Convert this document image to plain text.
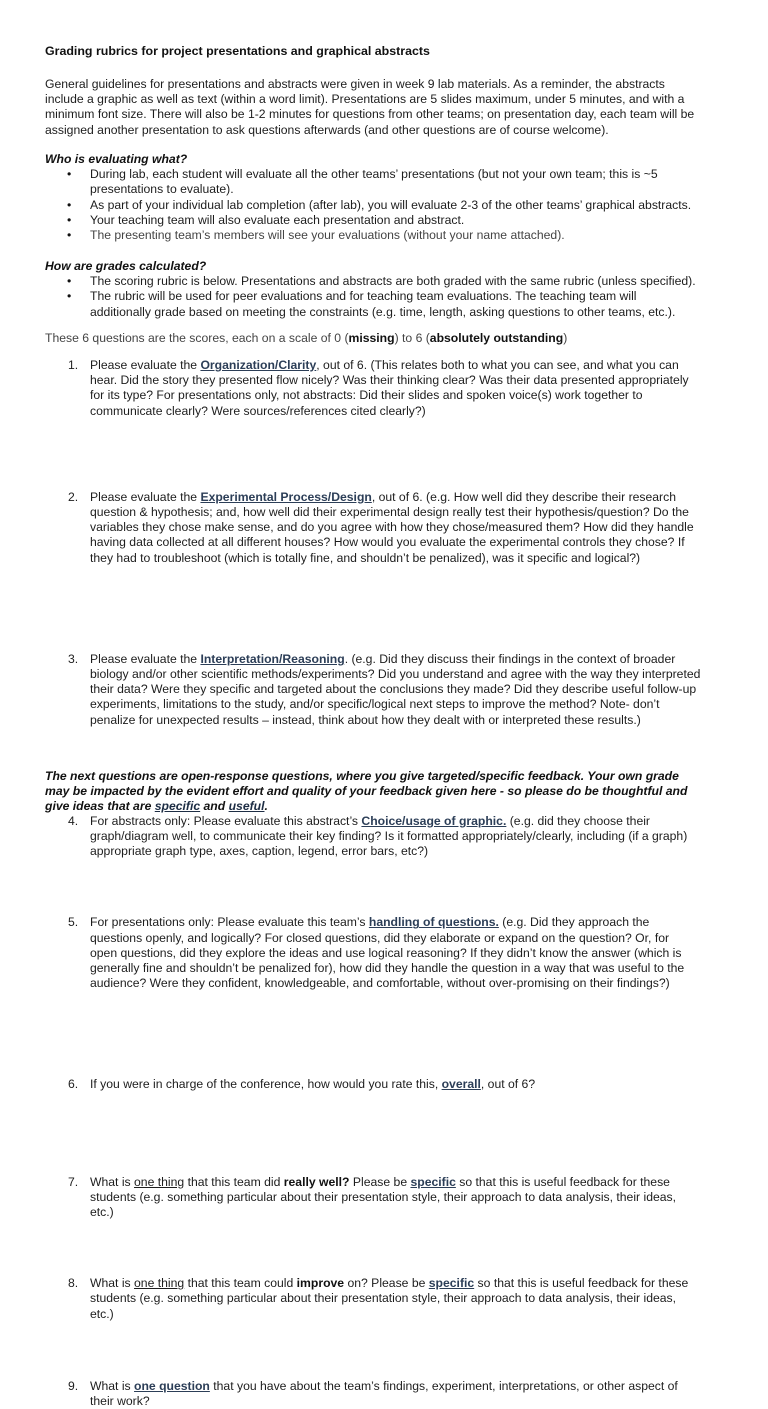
Grading rubrics for project presentations and graphical abstracts
General guidelines for presentations and abstracts were given in week 9 lab materials. As a reminder, the abstracts
include a graphic as well as text (within a word limit). Presentations are 5 slides maximum, under 5 minutes, and with a
minimum font size. There will also be 1-2 minutes for questions from other teams; on presentation day, each team will be
assigned another presentation to ask questions afterwards (and other questions are of course welcome).
Who is evaluating what?
• During lab, each student will evaluate all the other teams’ presentations (but not your own team; this is ~5
presentations to evaluate).
• As part of your individual lab completion (after lab), you will evaluate 2-3 of the other teams’ graphical abstracts.
• Your teaching team will also evaluate each presentation and abstract.
• The presenting team’s members will see your evaluations (without your name attached).
How are grades calculated?
• The scoring rubric is below. Presentations and abstracts are both graded with the same rubric (unless specified).
• The rubric will be used for peer evaluations and for teaching team evaluations. The teaching team will
additionally grade based on meeting the constraints (e.g. time, length, asking questions to other teams, etc.).
These 6 questions are the scores, each on a scale of 0 (missing) to 6 (absolutely outstanding)
1. Please evaluate the Organization/Clarity, out of 6. (This relates both to what you can see, and what you can
hear. Did the story they presented flow nicely? Was their thinking clear? Was their data presented appropriately
for its type? For presentations only, not abstracts: Did their slides and spoken voice(s) work together to
communicate clearly? Were sources/references cited clearly?)
2. Please evaluate the Experimental Process/Design, out of 6. (e.g. How well did they describe their research
question & hypothesis; and, how well did their experimental design really test their hypothesis/question? Do the
variables they chose make sense, and do you agree with how they chose/measured them? How did they handle
having data collected at all different houses? How would you evaluate the experimental controls they chose? If
they had to troubleshoot (which is totally fine, and shouldn’t be penalized), was it specific and logical?)
3. Please evaluate the Interpretation/Reasoning. (e.g. Did they discuss their findings in the context of broader
biology and/or other scientific methods/experiments? Did you understand and agree with the way they interpreted
their data? Were they specific and targeted about the conclusions they made? Did they describe useful follow-up
experiments, limitations to the study, and/or specific/logical next steps to improve the method? Note- don’t
penalize for unexpected results – instead, think about how they dealt with or interpreted these results.)
4. For abstracts only: Please evaluate this abstract’s Choice/usage of graphic. (e.g. did they choose their
graph/diagram well, to communicate their key finding? Is it formatted appropriately/clearly, including (if a graph)
appropriate graph type, axes, caption, legend, error bars, etc?)
5. For presentations only: Please evaluate this team’s handling of questions. (e.g. Did they approach the
questions openly, and logically? For closed questions, did they elaborate or expand on the question? Or, for
open questions, did they explore the ideas and use logical reasoning? If they didn’t know the answer (which is
generally fine and shouldn’t be penalized for), how did they handle the question in a way that was useful to the
audience? Were they confident, knowledgeable, and comfortable, without over-promising on their findings?)
6. If you were in charge of the conference, how would you rate this, overall, out of 6?
The next questions are open-response questions, where you give targeted/specific feedback. Your own grade
may be impacted by the evident effort and quality of your feedback given here - so please do be thoughtful and
give ideas that are specific and useful.
7. What is one thing that this team did really well? Please be specific so that this is useful feedback for these
students (e.g. something particular about their presentation style, their approach to data analysis, their ideas,
etc.)
8. What is one thing that this team could improve on? Please be specific so that this is useful feedback for these
students (e.g. something particular about their presentation style, their approach to data analysis, their ideas,
etc.)
9. What is one question that you have about the team’s findings, experiment, interpretations, or other aspect of
their work?
